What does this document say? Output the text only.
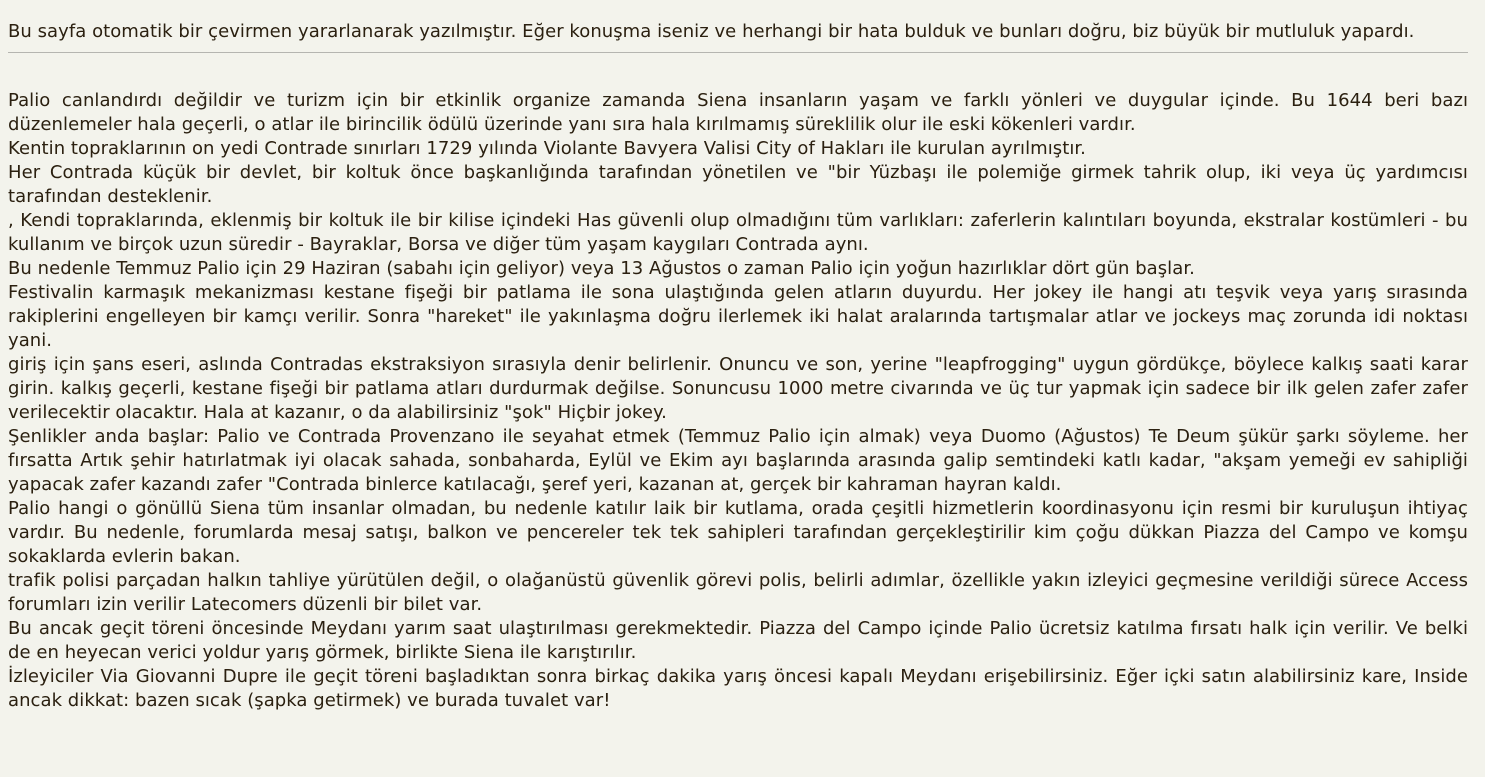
Bu sayfa otomatik bir çevirmen yararlanarak yazılmıştır. Eğer konuşma iseniz ve herhangi bir hata bulduk ve bunları doğru, biz büyük bir mutluluk yapardı.

Palio canlandırdı değildir ve turizm için bir etkinlik organize zamanda Siena insanların yaşam ve farklı yönleri ve duygular içinde. Bu 1644 beri bazı düzenlemeler hala geçerli, o atlar ile birincilik ödülü üzerinde yanı sıra hala kırılmamış süreklilik olur ile eski kökenleri vardır.

Kentin topraklarının on yedi Contrade sınırları 1729 yılında Violante Bavyera Valisi City of Hakları ile kurulan ayrılmıştır.

Her Contrada küçük bir devlet, bir koltuk önce başkanlığında tarafından yönetilen ve "bir Yüzbaşı ile polemiğe girmek tahrik olup, iki veya üç yardımcısı tarafından desteklenir.

, Kendi topraklarında, eklenmiş bir koltuk ile bir kilise içindeki Has güvenli olup olmadığını tüm varlıkları: zaferlerin kalıntıları boyunda, ekstralar kostümleri - bu kullanım ve birçok uzun süredir - Bayraklar, Borsa ve diğer tüm yaşam kaygıları Contrada aynı.

Bu nedenle Temmuz Palio için 29 Haziran (sabahı için geliyor) veya 13 Ağustos o zaman Palio için yoğun hazırlıklar dört gün başlar.

Festivalin karmaşık mekanizması kestane fişeği bir patlama ile sona ulaştığında gelen atların duyurdu. Her jokey ile hangi atı teşvik veya yarış sırasında rakiplerini engelleyen bir kamçı verilir. Sonra "hareket" ile yakınlaşma doğru ilerlemek iki halat aralarında tartışmalar atlar ve jockeys maç zorunda idi noktası yani.

giriş için şans eseri, aslında Contradas ekstraksiyon sırasıyla denir belirlenir. Onuncu ve son, yerine "leapfrogging" uygun gördükçe, böylece kalkış saati karar girin. kalkış geçerli, kestane fişeği bir patlama atları durdurmak değilse. Sonuncusu 1000 metre civarında ve üç tur yapmak için sadece bir ilk gelen zafer zafer verilecektir olacaktır. Hala at kazanır, o da alabilirsiniz "şok" Hiçbir jokey.

Şenlikler anda başlar: Palio ve Contrada Provenzano ile seyahat etmek (Temmuz Palio için almak) veya Duomo (Ağustos) Te Deum şükür şarkı söyleme. her fırsatta Artık şehir hatırlatmak iyi olacak sahada, sonbaharda, Eylül ve Ekim ayı başlarında arasında galip semtindeki katlı kadar, "akşam yemeği ev sahipliği yapacak zafer kazandı zafer "Contrada binlerce katılacağı, şeref yeri, kazanan at, gerçek bir kahraman hayran kaldı.

Palio hangi o gönüllü Siena tüm insanlar olmadan, bu nedenle katılır laik bir kutlama, orada çeşitli hizmetlerin koordinasyonu için resmi bir kuruluşun ihtiyaç vardır. Bu nedenle, forumlarda mesaj satışı, balkon ve pencereler tek tek sahipleri tarafından gerçekleştirilir kim çoğu dükkan Piazza del Campo ve komşu sokaklarda evlerin bakan.

trafik polisi parçadan halkın tahliye yürütülen değil, o olağanüstü güvenlik görevi polis, belirli adımlar, özellikle yakın izleyici geçmesine verildiği sürece Access forumları izin verilir Latecomers düzenli bir bilet var.

Bu ancak geçit töreni öncesinde Meydanı yarım saat ulaştırılması gerekmektedir. Piazza del Campo içinde Palio ücretsiz katılma fırsatı halk için verilir. Ve belki de en heyecan verici yoldur yarış görmek, birlikte Siena ile karıştırılır.

İzleyiciler Via Giovanni Dupre ile geçit töreni başladıktan sonra birkaç dakika yarış öncesi kapalı Meydanı erişebilirsiniz. Eğer içki satın alabilirsiniz kare, Inside ancak dikkat: bazen sıcak (şapka getirmek) ve burada tuvalet var!
